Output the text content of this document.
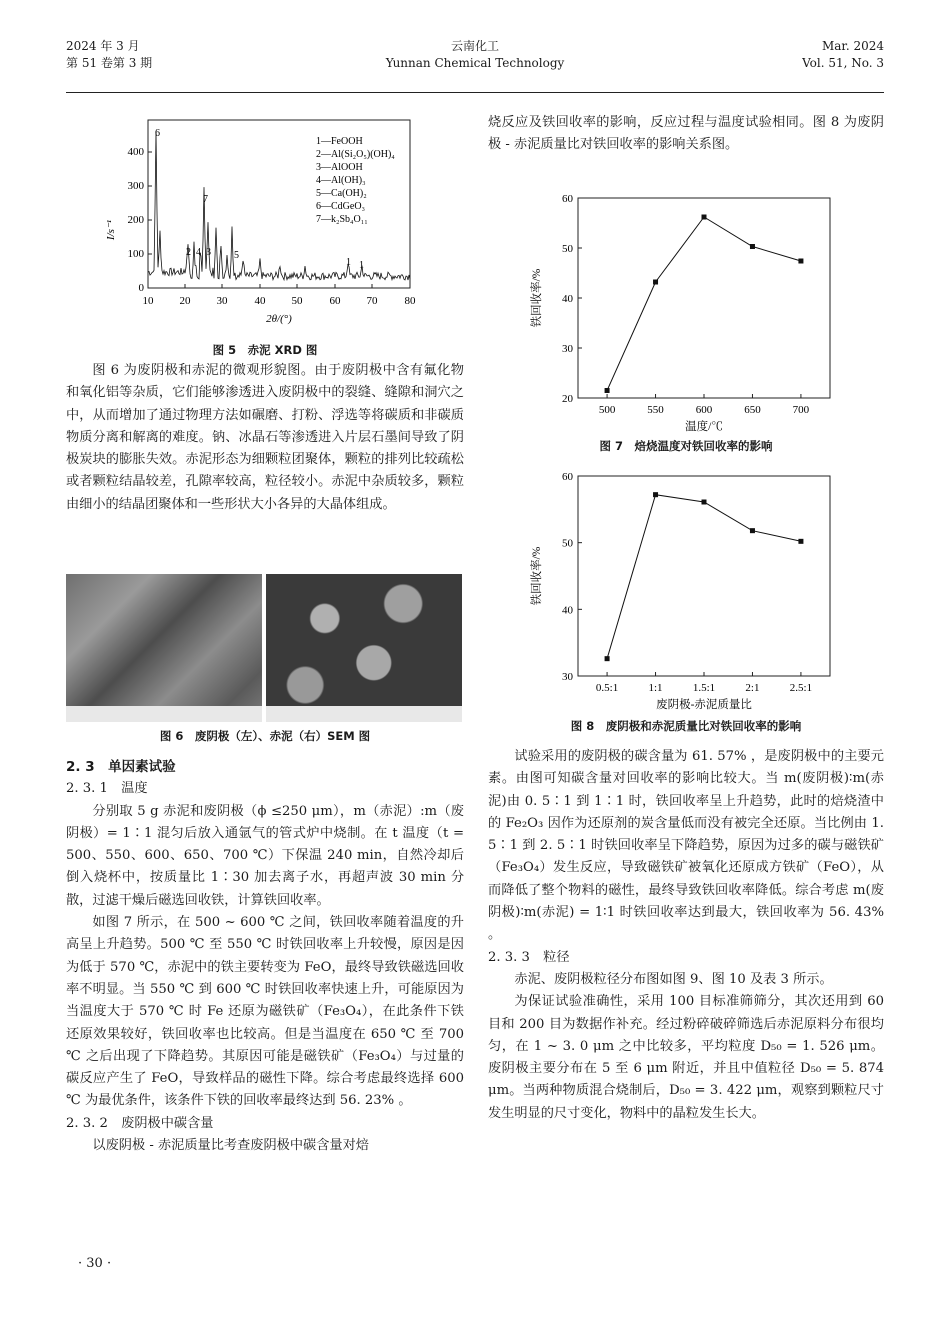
2024 年 3 月
第 51 卷第 3 期
云南化工
Yunnan Chemical Technology
Mar. 2024
Vol. 51, No. 3
0
100
200
300
400
10 20 30 40 50 60 70 80
I/s⁻¹
2θ/(°)
1—FeOOH
2—Al(Si₂O₅)(OH)₄
3—AlOOH
4—Al(OH)₃
5—Ca(OH)₂
6—CdGeO₃
7—k₂Sb₄O₁₁
6
7
2 4 3 5
1 1
图 5　赤泥 XRD 图

图 6 为废阴极和赤泥的微观形貌图。由于废阴极中含有氟化物和氧化铝等杂质，它们能够渗透进入废阴极中的裂缝、缝隙和洞穴之中，从而增加了通过物理方法如碾磨、打粉、浮选等将碳质和非碳质物质分离和解离的难度。钠、冰晶石等渗透进入片层石墨间导致了阴极炭块的膨胀失效。赤泥形态为细颗粒团聚体，颗粒的排列比较疏松或者颗粒结晶较差，孔隙率较高，粒径较小。赤泥中杂质较多，颗粒由细小的结晶团聚体和一些形状大小各异的大晶体组成。

图 6　废阴极（左）、赤泥（右）SEM 图

2. 3　单因素试验

2. 3. 1　温度

分别取 5 g 赤泥和废阴极（ϕ ≤250 μm），m（赤泥）:m（废阴极）= 1∶1 混匀后放入通氩气的管式炉中烧制。在 t 温度（t = 500、550、600、650、700 ℃）下保温 240 min，自然冷却后倒入烧杯中，按质量比 1∶30 加去离子水，再超声波 30 min 分散，过滤干燥后磁选回收铁，计算铁回收率。

如图 7 所示，在 500 ~ 600 ℃ 之间，铁回收率随着温度的升高呈上升趋势。500 ℃ 至 550 ℃ 时铁回收率上升较慢，原因是因为低于 570 ℃，赤泥中的铁主要转变为 FeO，最终导致铁磁选回收率不明显。当 550 ℃ 到 600 ℃ 时铁回收率快速上升，可能原因为当温度大于 570 ℃ 时 Fe 还原为磁铁矿（Fe₃O₄），在此条件下铁还原效果较好，铁回收率也比较高。但是当温度在 650 ℃ 至 700 ℃ 之后出现了下降趋势。其原因可能是磁铁矿（Fe₃O₄）与过量的碳反应产生了 FeO，导致样品的磁性下降。综合考虑最终选择 600 ℃ 为最优条件，该条件下铁的回收率最终达到 56. 23% 。

2. 3. 2　废阴极中碳含量

以废阴极 - 赤泥质量比考查废阴极中碳含量对焙

烧反应及铁回收率的影响，反应过程与温度试验相同。图 8 为废阴极 - 赤泥质量比对铁回收率的影响关系图。

20
30
40
50
60
500	550	600	650	700
温度/℃
铁回收率/%
图 7　焙烧温度对铁回收率的影响
30
40
50
60
0.5:1	1:1	1.5:1	2:1	2.5:1
废阴极-赤泥质量比
铁回收率/%
图 8　废阴极和赤泥质量比对铁回收率的影响

试验采用的废阴极的碳含量为 61. 57% ，是废阴极中的主要元素。由图可知碳含量对回收率的影响比较大。当 m(废阴极)∶m(赤泥)由 0. 5∶1 到 1∶1 时，铁回收率呈上升趋势，此时的焙烧渣中的 Fe₂O₃ 因作为还原剂的炭含量低而没有被完全还原。当比例由 1. 5∶1 到 2. 5∶1 时铁回收率呈下降趋势，原因为过多的碳与磁铁矿（Fe₃O₄）发生反应，导致磁铁矿被氧化还原成方铁矿（FeO），从而降低了整个物料的磁性，最终导致铁回收率降低。综合考虑 m(废阴极)∶m(赤泥) = 1∶1 时铁回收率达到最大，铁回收率为 56. 43% 。

2. 3. 3　粒径

赤泥、废阴极粒径分布图如图 9、图 10 及表 3 所示。

为保证试验准确性，采用 100 目标准筛筛分，其次还用到 60 目和 200 目为数据作补充。经过粉碎破碎筛选后赤泥原料分布很均匀，在 1 ~ 3. 0 μm 之中比较多，平均粒度 D₅₀ = 1. 526 μm。废阴极主要分布在 5 至 6 μm 附近，并且中值粒径 D₅₀ = 5. 874 μm。当两种物质混合烧制后，D₅₀ = 3. 422 μm，观察到颗粒尺寸发生明显的尺寸变化，物料中的晶粒发生长大。

· 30 ·
